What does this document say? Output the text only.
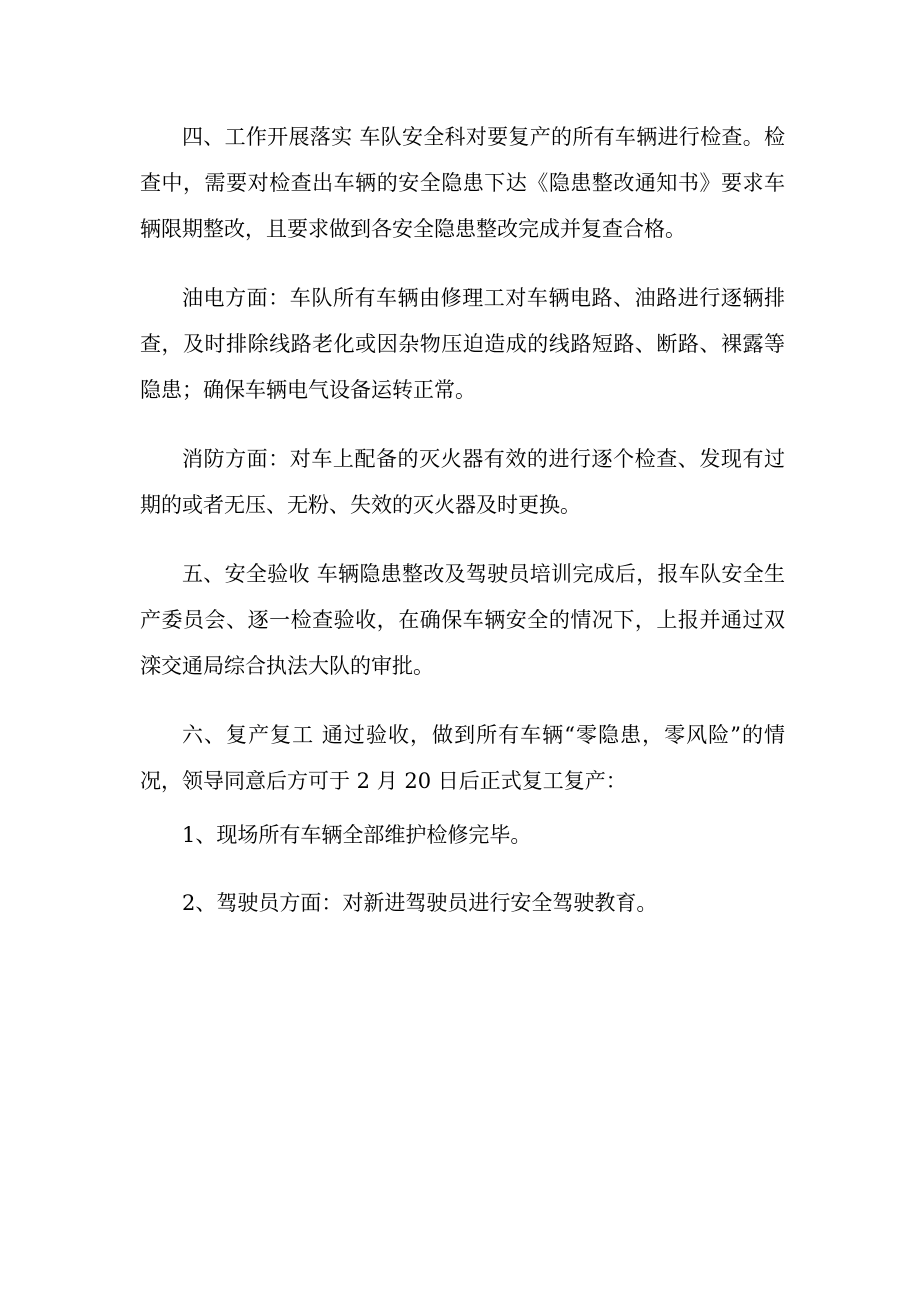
四、工作开展落实 车队安全科对要复产的所有车辆进行检查。检查中，需要对检查出车辆的安全隐患下达《隐患整改通知书》要求车辆限期整改，且要求做到各安全隐患整改完成并复查合格。

油电方面：车队所有车辆由修理工对车辆电路、油路进行逐辆排查，及时排除线路老化或因杂物压迫造成的线路短路、断路、裸露等隐患；确保车辆电气设备运转正常。

消防方面：对车上配备的灭火器有效的进行逐个检查、发现有过期的或者无压、无粉、失效的灭火器及时更换。

五、安全验收 车辆隐患整改及驾驶员培训完成后，报车队安全生产委员会、逐一检查验收，在确保车辆安全的情况下，上报并通过双滦交通局综合执法大队的审批。

六、复产复工 通过验收，做到所有车辆“零隐患，零风险”的情况，领导同意后方可于 2 月 20 日后正式复工复产：

1、现场所有车辆全部维护检修完毕。

2、驾驶员方面：对新进驾驶员进行安全驾驶教育。
